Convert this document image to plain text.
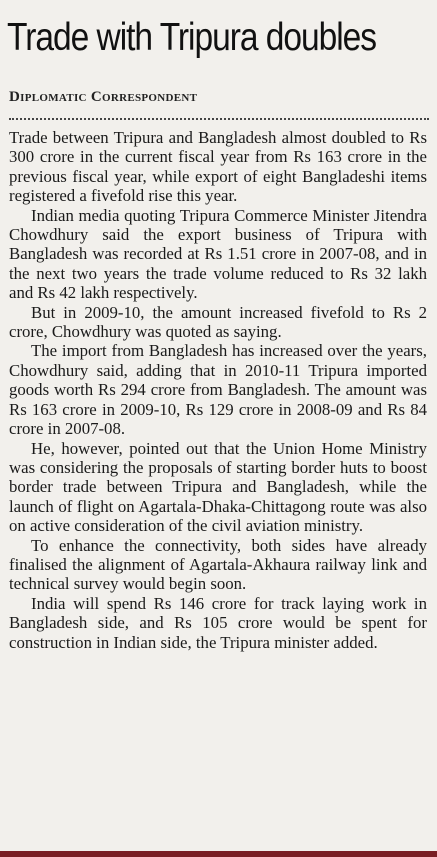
Trade with Tripura doubles
Diplomatic Correspondent

Trade between Tripura and Bangladesh almost doubled to Rs 300 crore in the current fiscal year from Rs 163 crore in the previous fiscal year, while export of eight Bangladeshi items registered a fivefold rise this year.

Indian media quoting Tripura Commerce Minister Jitendra Chowdhury said the export business of Tripura with Bangladesh was recorded at Rs 1.51 crore in 2007-08, and in the next two years the trade volume reduced to Rs 32 lakh and Rs 42 lakh respectively.

But in 2009-10, the amount increased fivefold to Rs 2 crore, Chowdhury was quoted as saying.

The import from Bangladesh has increased over the years, Chowdhury said, adding that in 2010-11 Tripura imported goods worth Rs 294 crore from Bangladesh. The amount was Rs 163 crore in 2009-10, Rs 129 crore in 2008-09 and Rs 84 crore in 2007-08.

He, however, pointed out that the Union Home Ministry was considering the proposals of starting border huts to boost border trade between Tripura and Bangladesh, while the launch of flight on Agartala-Dhaka-Chittagong route was also on active consideration of the civil aviation ministry.

To enhance the connectivity, both sides have already finalised the alignment of Agartala-Akhaura railway link and technical survey would begin soon.

India will spend Rs 146 crore for track laying work in Bangladesh side, and Rs 105 crore would be spent for construction in Indian side, the Tripura minister added.
